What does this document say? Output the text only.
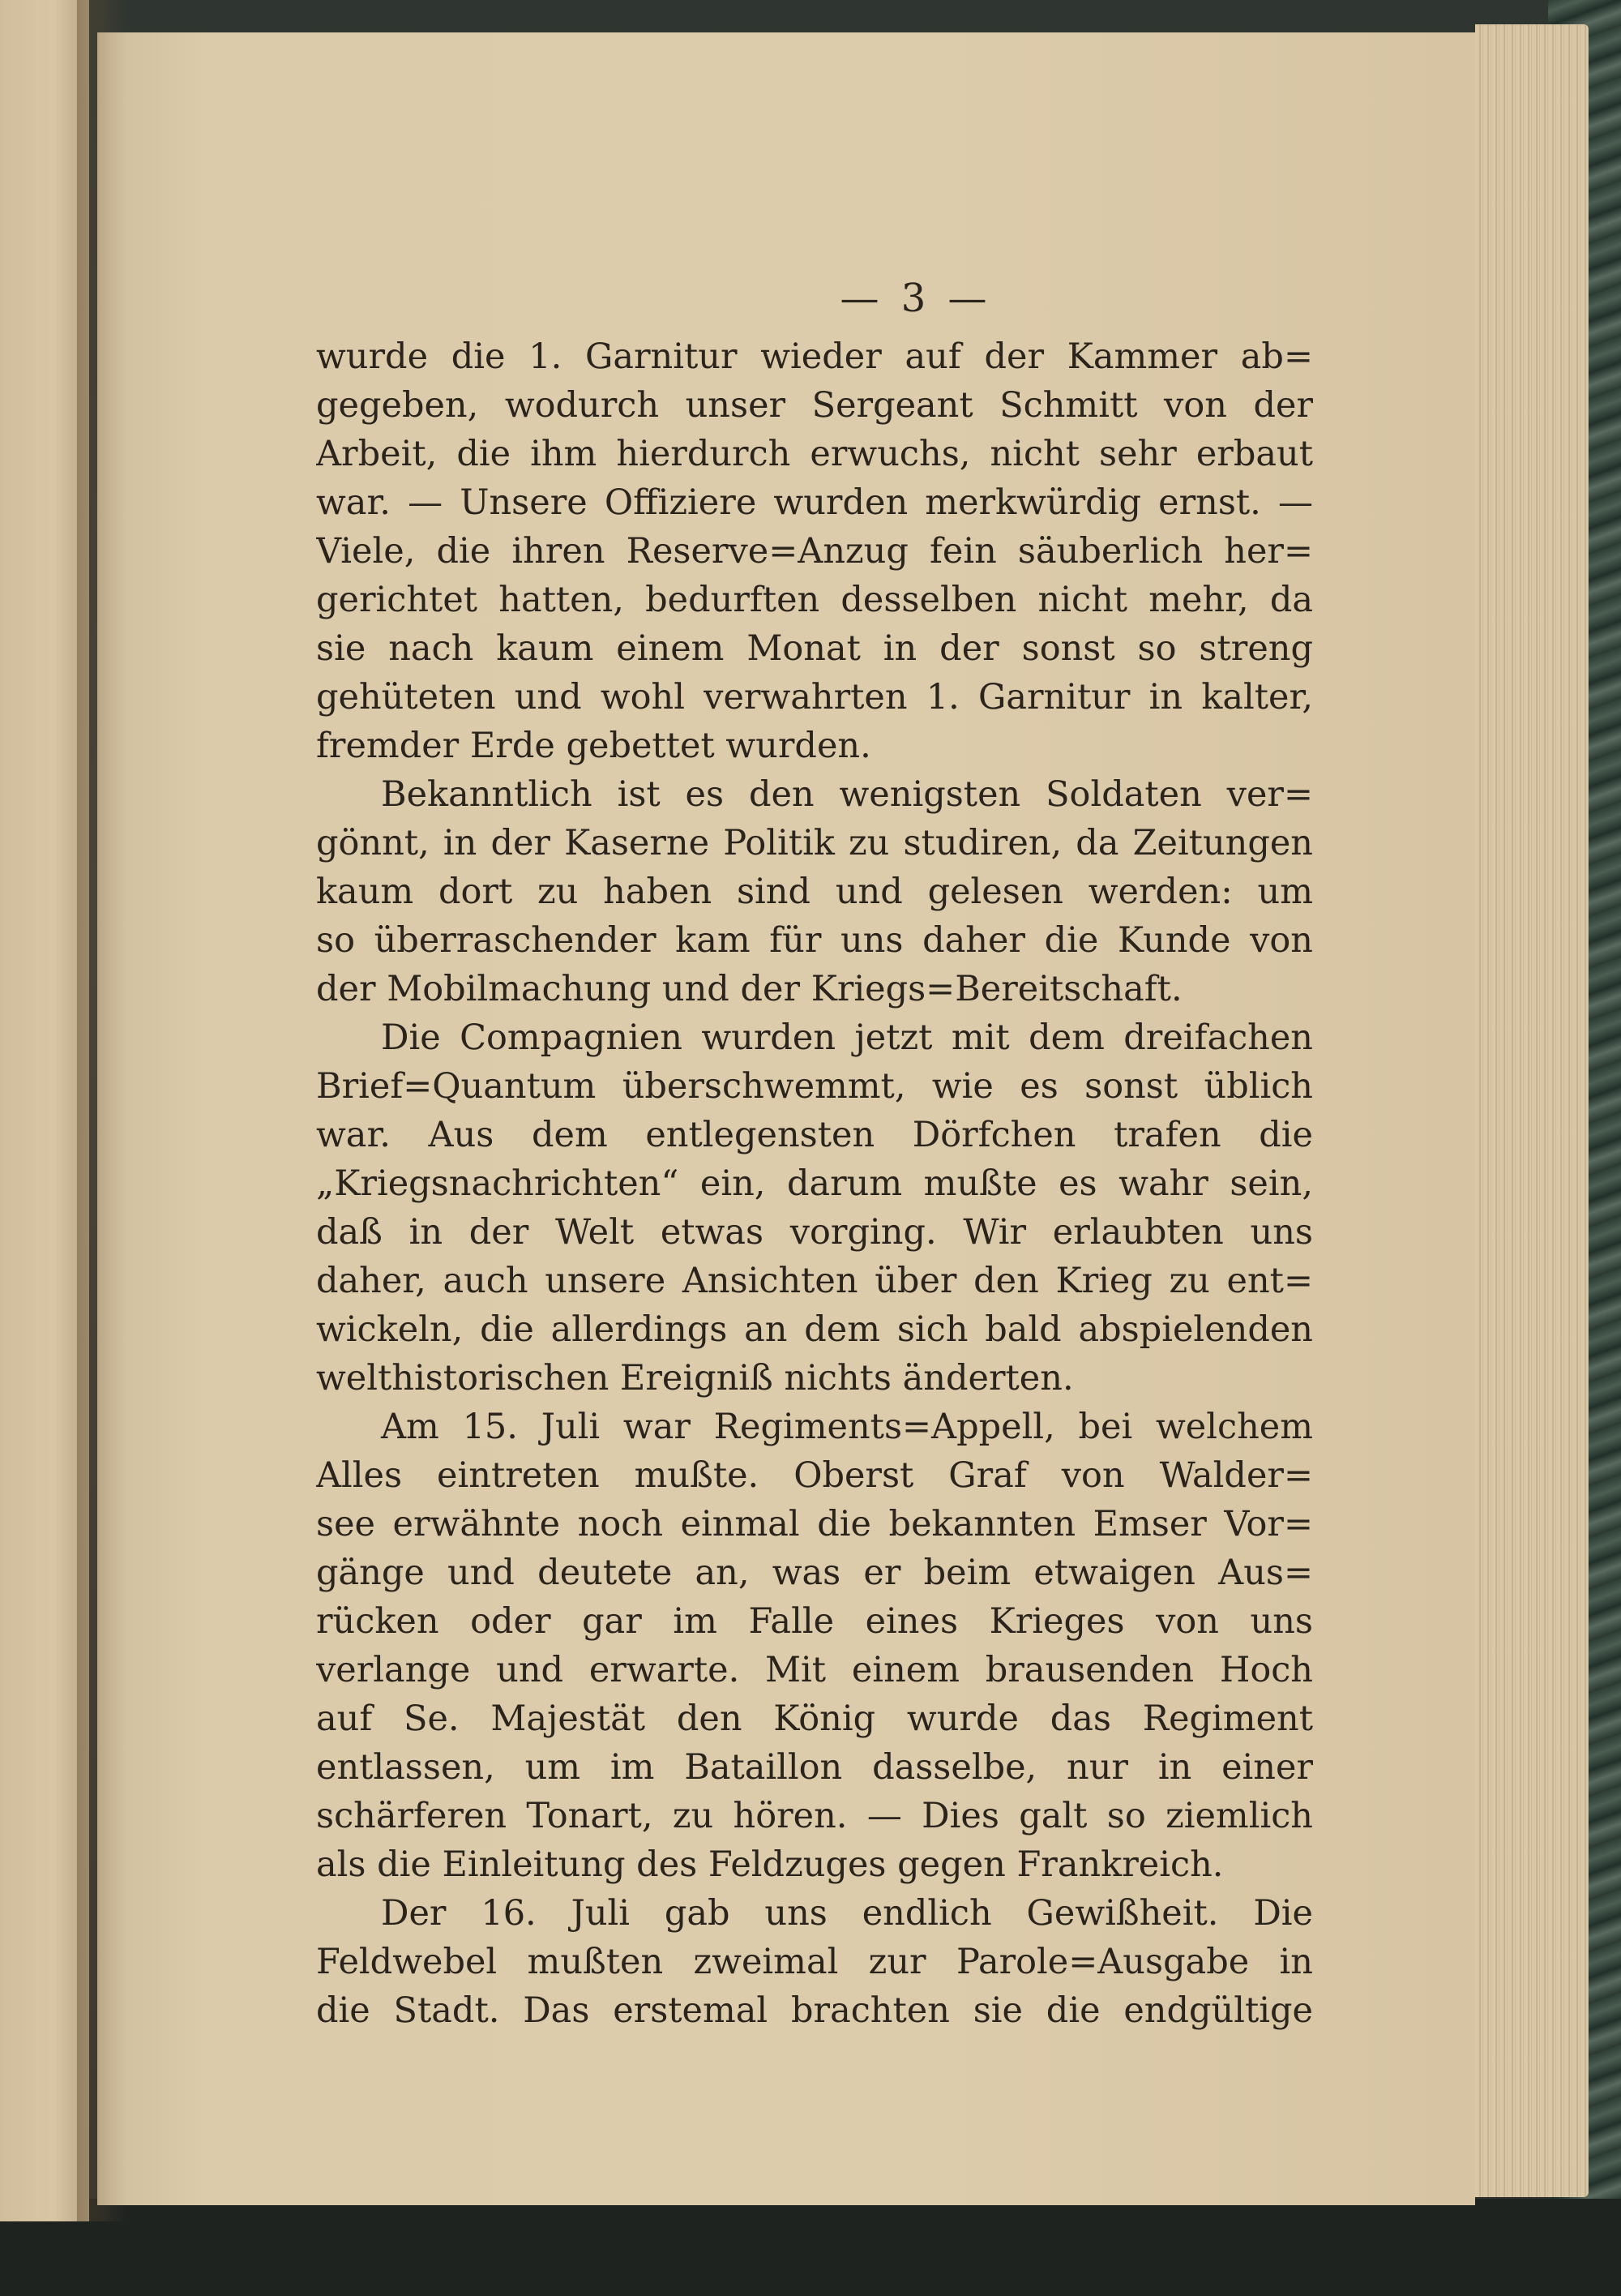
— 3 —
wurde die 1. Garnitur wieder auf der Kammer ab=
gegeben, wodurch unser Sergeant Schmitt von der
Arbeit, die ihm hierdurch erwuchs, nicht sehr erbaut
war. — Unsere Offiziere wurden merkwürdig ernst. —
Viele, die ihren Reserve=Anzug fein säuberlich her=
gerichtet hatten, bedurften desselben nicht mehr, da
sie nach kaum einem Monat in der sonst so streng
gehüteten und wohl verwahrten 1. Garnitur in kalter,
fremder Erde gebettet wurden.
Bekanntlich ist es den wenigsten Soldaten ver=
gönnt, in der Kaserne Politik zu studiren, da Zeitungen
kaum dort zu haben sind und gelesen werden: um
so überraschender kam für uns daher die Kunde von
der Mobilmachung und der Kriegs=Bereitschaft.
Die Compagnien wurden jetzt mit dem dreifachen
Brief=Quantum überschwemmt, wie es sonst üblich
war. Aus dem entlegensten Dörfchen trafen die
„Kriegsnachrichten“ ein, darum mußte es wahr sein,
daß in der Welt etwas vorging. Wir erlaubten uns
daher, auch unsere Ansichten über den Krieg zu ent=
wickeln, die allerdings an dem sich bald abspielenden
welthistorischen Ereigniß nichts änderten.
Am 15. Juli war Regiments=Appell, bei welchem
Alles eintreten mußte. Oberst Graf von Walder=
see erwähnte noch einmal die bekannten Emser Vor=
gänge und deutete an, was er beim etwaigen Aus=
rücken oder gar im Falle eines Krieges von uns
verlange und erwarte. Mit einem brausenden Hoch
auf Se. Majestät den König wurde das Regiment
entlassen, um im Bataillon dasselbe, nur in einer
schärferen Tonart, zu hören. — Dies galt so ziemlich
als die Einleitung des Feldzuges gegen Frankreich.
Der 16. Juli gab uns endlich Gewißheit. Die
Feldwebel mußten zweimal zur Parole=Ausgabe in
die Stadt. Das erstemal brachten sie die endgültige
